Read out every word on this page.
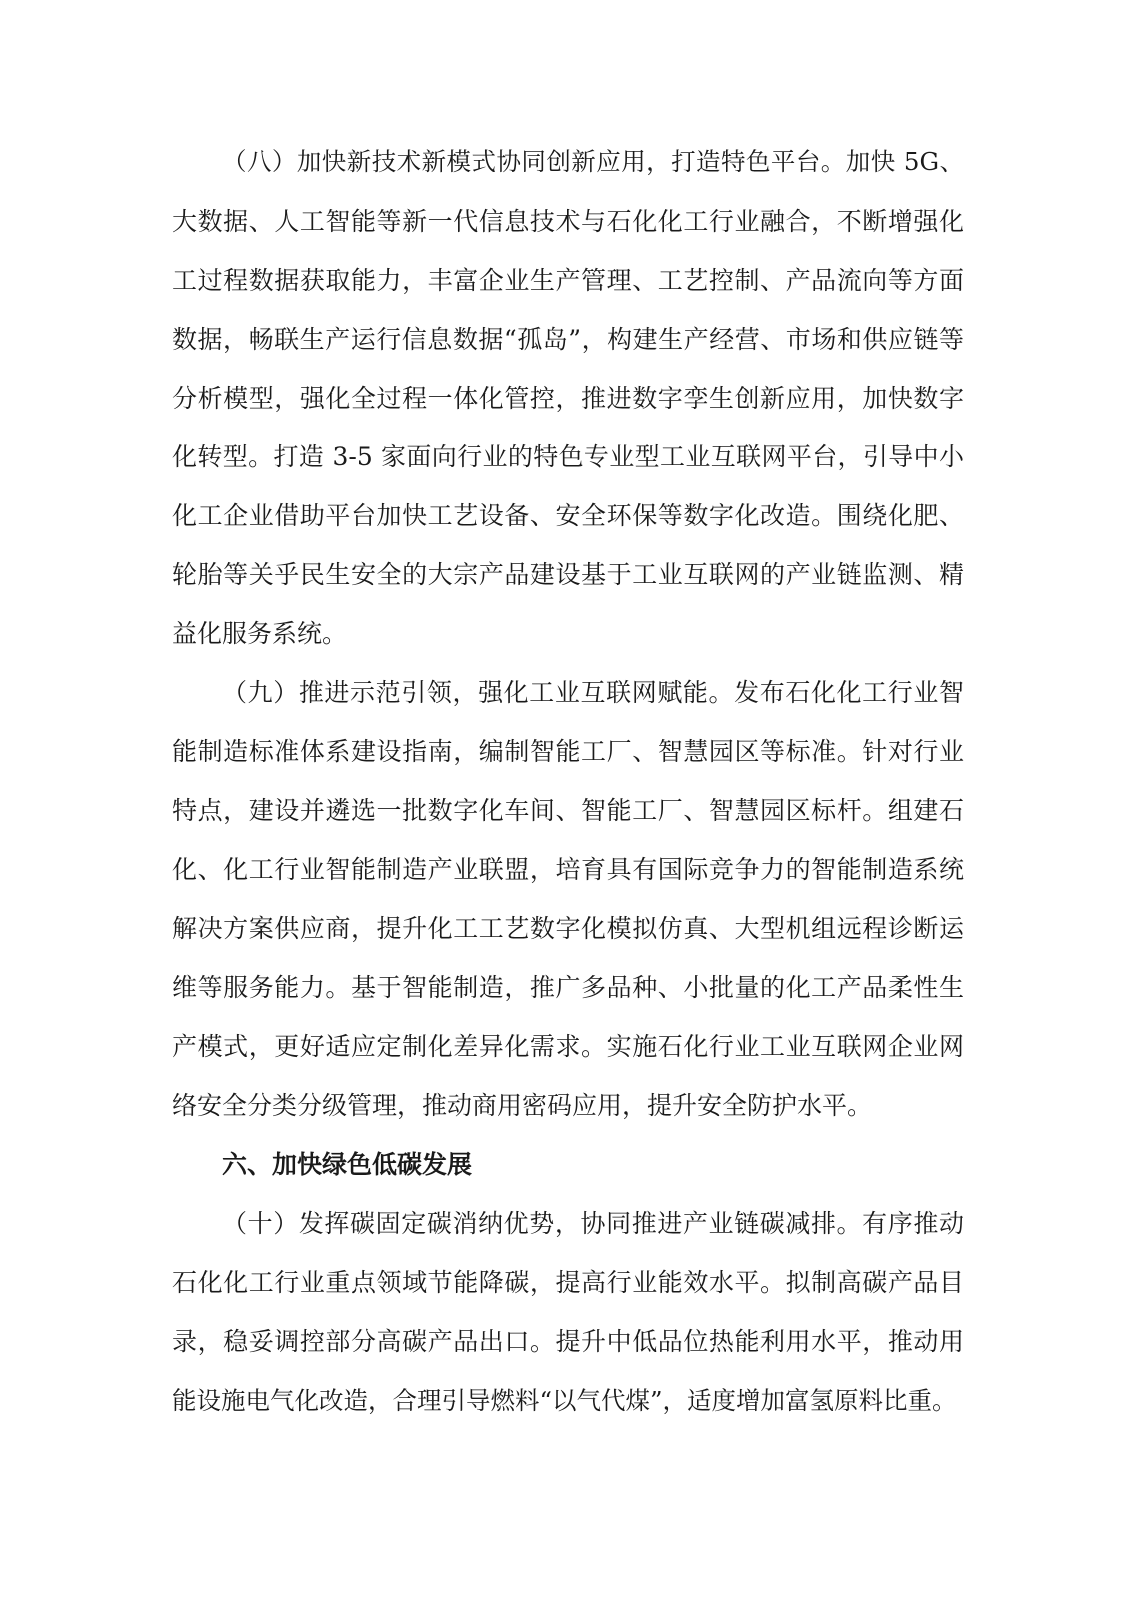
（八）加快新技术新模式协同创新应用，打造特色平台。加快 5G、
大数据、人工智能等新一代信息技术与石化化工行业融合，不断增强化
工过程数据获取能力，丰富企业生产管理、工艺控制、产品流向等方面
数据，畅联生产运行信息数据“孤岛”，构建生产经营、市场和供应链等
分析模型，强化全过程一体化管控，推进数字孪生创新应用，加快数字
化转型。打造 3-5 家面向行业的特色专业型工业互联网平台，引导中小
化工企业借助平台加快工艺设备、安全环保等数字化改造。围绕化肥、
轮胎等关乎民生安全的大宗产品建设基于工业互联网的产业链监测、精
益化服务系统。
（九）推进示范引领，强化工业互联网赋能。发布石化化工行业智
能制造标准体系建设指南，编制智能工厂、智慧园区等标准。针对行业
特点，建设并遴选一批数字化车间、智能工厂、智慧园区标杆。组建石
化、化工行业智能制造产业联盟，培育具有国际竞争力的智能制造系统
解决方案供应商，提升化工工艺数字化模拟仿真、大型机组远程诊断运
维等服务能力。基于智能制造，推广多品种、小批量的化工产品柔性生
产模式，更好适应定制化差异化需求。实施石化行业工业互联网企业网
络安全分类分级管理，推动商用密码应用，提升安全防护水平。
六、加快绿色低碳发展
（十）发挥碳固定碳消纳优势，协同推进产业链碳减排。有序推动
石化化工行业重点领域节能降碳，提高行业能效水平。拟制高碳产品目
录，稳妥调控部分高碳产品出口。提升中低品位热能利用水平，推动用
能设施电气化改造，合理引导燃料“以气代煤”，适度增加富氢原料比重。
